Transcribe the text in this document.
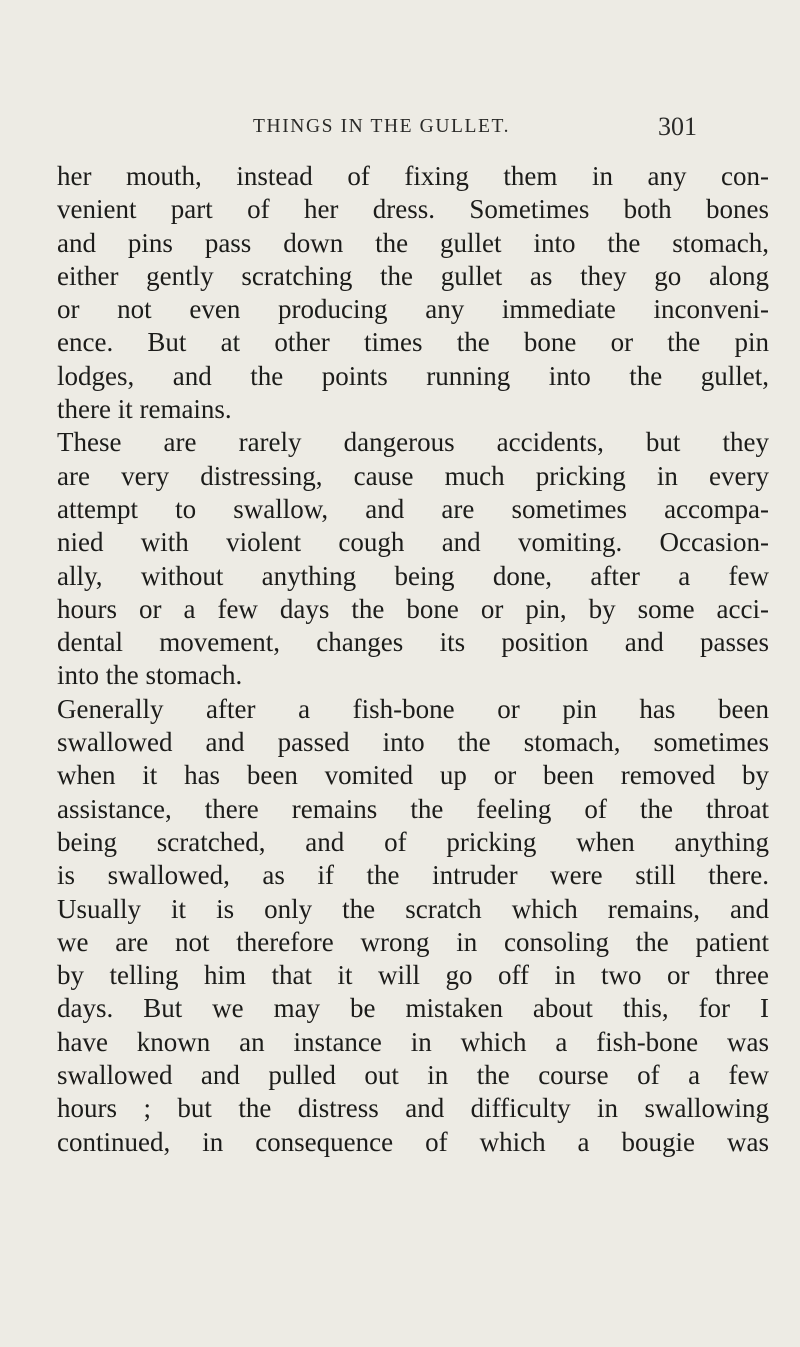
THINGS IN THE GULLET.	301
her mouth, instead of fixing them in any con-
venient part of her dress. Sometimes both bones
and pins pass down the gullet into the stomach,
either gently scratching the gullet as they go along
or not even producing any immediate inconveni-
ence. But at other times the bone or the pin
lodges, and the points running into the gullet,
there it remains.
These are rarely dangerous accidents, but they
are very distressing, cause much pricking in every
attempt to swallow, and are sometimes accompa-
nied with violent cough and vomiting. Occasion-
ally, without anything being done, after a few
hours or a few days the bone or pin, by some acci-
dental movement, changes its position and passes
into the stomach.
Generally after a fish-bone or pin has been
swallowed and passed into the stomach, sometimes
when it has been vomited up or been removed by
assistance, there remains the feeling of the throat
being scratched, and of pricking when anything
is swallowed, as if the intruder were still there.
Usually it is only the scratch which remains, and
we are not therefore wrong in consoling the patient
by telling him that it will go off in two or three
days. But we may be mistaken about this, for I
have known an instance in which a fish-bone was
swallowed and pulled out in the course of a few
hours ; but the distress and difficulty in swallowing
continued, in consequence of which a bougie was
